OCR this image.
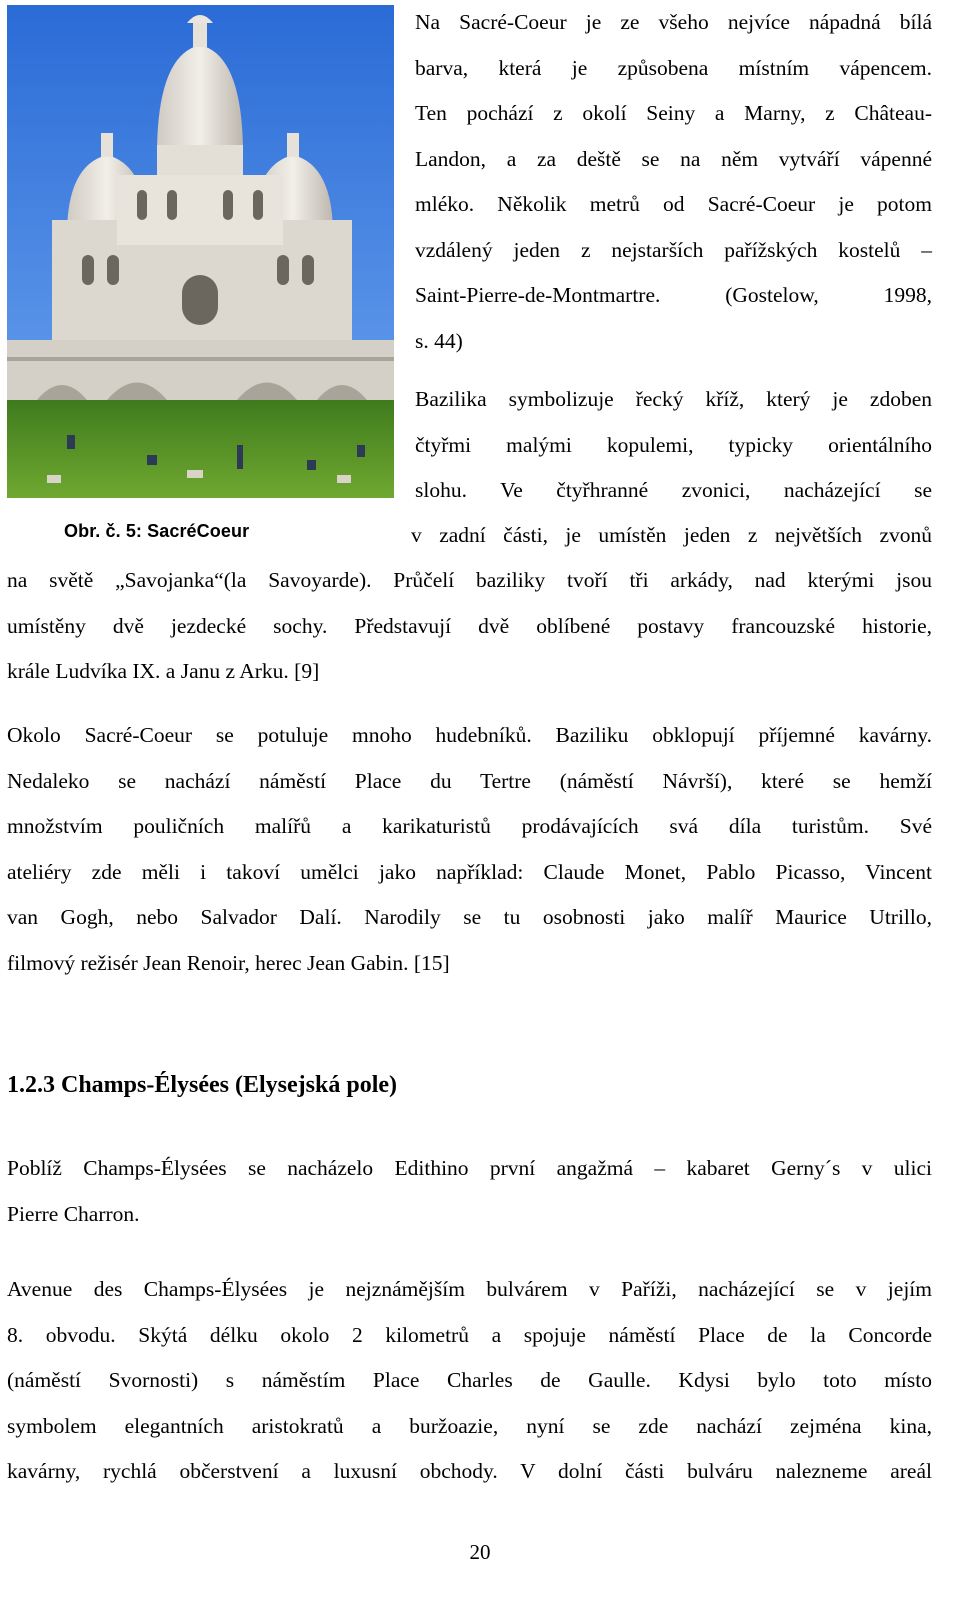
Obr. č. 5: SacréCoeur
Na Sacré-Coeur je ze všeho nejvíce nápadná bílá
barva, která je způsobena místním vápencem.
Ten pochází z okolí Seiny a Marny, z Château-
Landon, a za deště se na něm vytváří vápenné
mléko. Několik metrů od Sacré-Coeur je potom
vzdálený jeden z nejstarších pařížských kostelů –
Saint-Pierre-de-Montmartre. (Gostelow, 1998,
s. 44)
Bazilika symbolizuje řecký kříž, který je zdoben
čtyřmi malými kopulemi, typicky orientálního
slohu. Ve čtyřhranné zvonici, nacházející se
v zadní části, je umístěn jeden z největších zvonů
na světě „Savojanka“(la Savoyarde). Průčelí baziliky tvoří tři arkády, nad kterými jsou
umístěny dvě jezdecké sochy. Představují dvě oblíbené postavy francouzské historie,
krále Ludvíka IX. a Janu z Arku. [9]
Okolo Sacré-Coeur se potuluje mnoho hudebníků. Baziliku obklopují příjemné kavárny.
Nedaleko se nachází náměstí Place du Tertre (náměstí Návrší), které se hemží
množstvím pouličních malířů a karikaturistů prodávajících svá díla turistům. Své
ateliéry zde měli i takoví umělci jako například: Claude Monet, Pablo Picasso, Vincent
van Gogh, nebo Salvador Dalí. Narodily se tu osobnosti jako malíř Maurice Utrillo,
filmový režisér Jean Renoir, herec Jean Gabin. [15]
1.2.3 Champs-Élysées (Elysejská pole)
Poblíž Champs-Élysées se nacházelo Edithino první angažmá – kabaret Gerny´s v ulici
Pierre Charron.
Avenue des Champs-Élysées je nejznámějším bulvárem v Paříži, nacházející se v jejím
8. obvodu. Skýtá délku okolo 2 kilometrů a spojuje náměstí Place de la Concorde
(náměstí Svornosti) s náměstím Place Charles de Gaulle. Kdysi bylo toto místo
symbolem elegantních aristokratů a buržoazie, nyní se zde nachází zejména kina,
kavárny, rychlá občerstvení a luxusní obchody. V dolní části bulváru nalezneme areál
20
